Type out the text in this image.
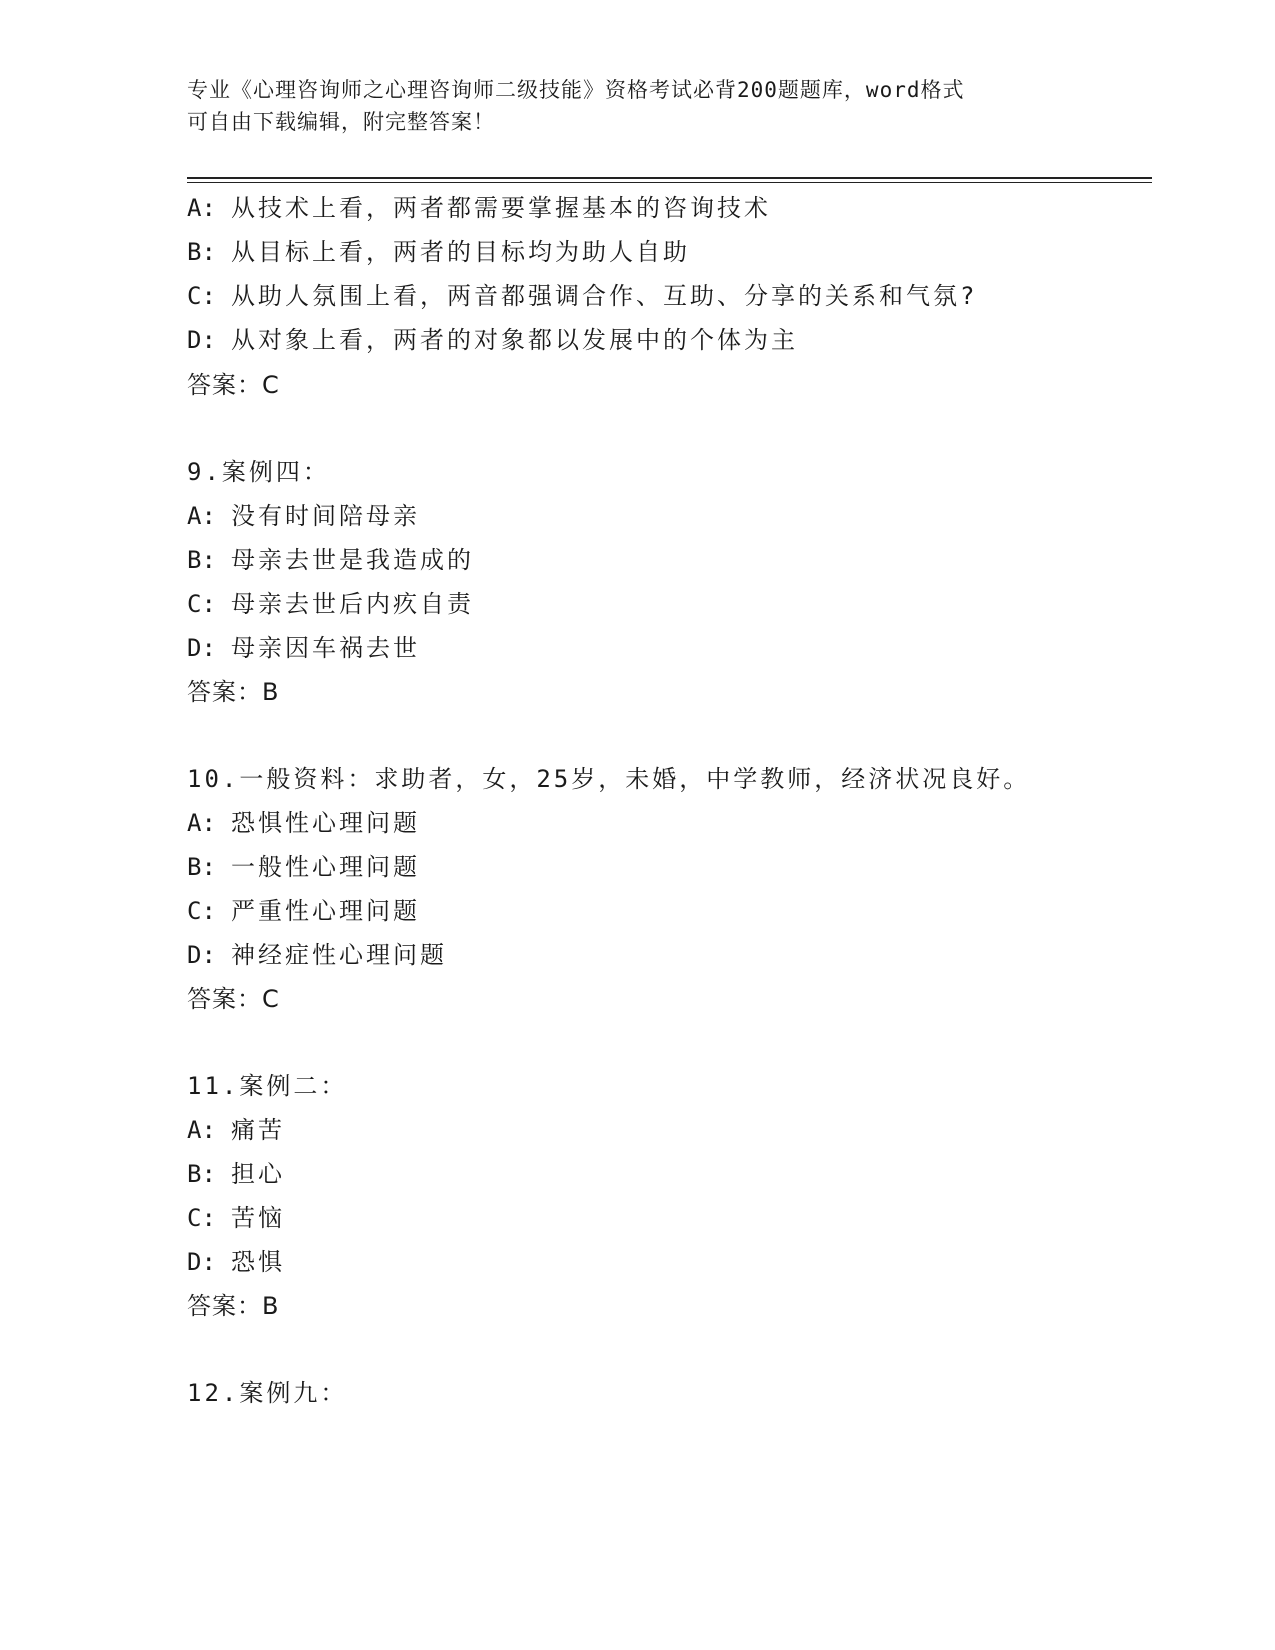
专业《心理咨询师之心理咨询师二级技能》资格考试必背200题题库，word格式
可自由下载编辑，附完整答案！
A: 从技术上看，两者都需要掌握基本的咨询技术
B: 从目标上看，两者的目标均为助人自助
C: 从助人氛围上看，两音都强调合作、互助、分享的关系和气氛?
D: 从对象上看，两者的对象都以发展中的个体为主
答案：C
9.案例四：
A: 没有时间陪母亲
B: 母亲去世是我造成的
C: 母亲去世后内疚自责
D: 母亲因车祸去世
答案：B
10.一般资料：求助者，女，25岁，未婚，中学教师，经济状况良好。
A: 恐惧性心理问题
B: 一般性心理问题
C: 严重性心理问题
D: 神经症性心理问题
答案：C
11.案例二：
A: 痛苦
B: 担心
C: 苦恼
D: 恐惧
答案：B
12.案例九：
